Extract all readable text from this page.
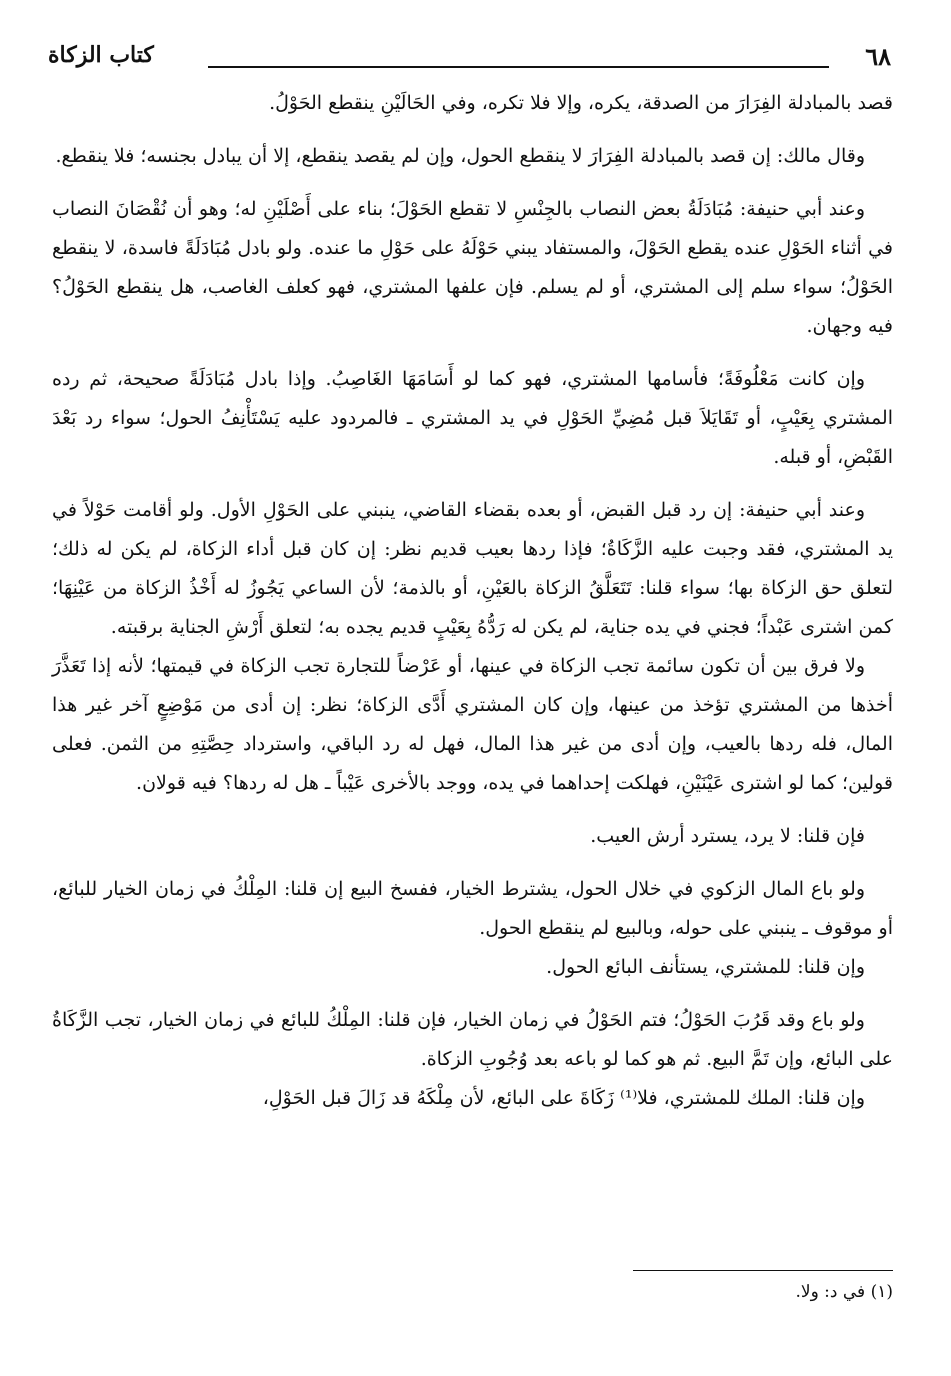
٦٨
كتاب الزكاة

قصد بالمبادلة الفِرَارَ من الصدقة، يكره، وإلا فلا تكره، وفي الحَالَيْنِ ينقطع الحَوْلُ.

وقال مالك: إن قصد بالمبادلة الفِرَارَ لا ينقطع الحول، وإن لم يقصد ينقطع، إلا أن يبادل بجنسه؛ فلا ينقطع.

وعند أبي حنيفة: مُبَادَلَةُ بعض النصاب بالجِنْسِ لا تقطع الحَوْلَ؛ بناء على أَصْلَيْنِ له؛ وهو أن نُقْصَانَ النصاب في أثناء الحَوْلِ عنده يقطع الحَوْلَ، والمستفاد يبني حَوْلَهُ على حَوْلِ ما عنده. ولو بادل مُبَادَلَةً فاسدة، لا ينقطع الحَوْلُ؛ سواء سلم إلى المشتري، أو لم يسلم. فإن علفها المشتري، فهو كعلف الغاصب، هل ينقطع الحَوْلُ؟ فيه وجهان.

وإن كانت مَعْلُوفَةً؛ فأسامها المشتري، فهو كما لو أَسَامَهَا الغَاصِبُ. وإذا بادل مُبَادَلَةً صحيحة، ثم رده المشتري بِعَيْبٍ، أو تَقَايَلاَ قبل مُضِيِّ الحَوْلِ في يد المشتري ـ فالمردود عليه يَسْتَأْنِفُ الحول؛ سواء رد بَعْدَ القَبْضِ، أو قبله.

وعند أبي حنيفة: إن رد قبل القبض، أو بعده بقضاء القاضي، ينبني على الحَوْلِ الأول. ولو أقامت حَوْلاً في يد المشتري، فقد وجبت عليه الزَّكَاةُ؛ فإذا ردها بعيب قديم نظر: إن كان قبل أداء الزكاة، لم يكن له ذلك؛ لتعلق حق الزكاة بها؛ سواء قلنا: تَتَعَلَّقُ الزكاة بالعَيْنِ، أو بالذمة؛ لأن الساعي يَجُوزُ له أَخْذُ الزكاة من عَيْنِهَا؛ كمن اشترى عَبْداً؛ فجني في يده جناية، لم يكن له رَدُّهُ بِعَيْبٍ قديم يجده به؛ لتعلق أَرْشِ الجناية برقبته.

ولا فرق بين أن تكون سائمة تجب الزكاة في عينها، أو عَرْضاً للتجارة تجب الزكاة في قيمتها؛ لأنه إذا تَعَذَّرَ أخذها من المشتري تؤخذ من عينها، وإن كان المشتري أَدَّى الزكاة؛ نظر: إن أدى من مَوْضِعٍ آخر غير هذا المال، فله ردها بالعيب، وإن أدى من غير هذا المال، فهل له رد الباقي، واسترداد حِصَّتِهِ من الثمن. فعلى قولين؛ كما لو اشترى عَيْنَيْنِ، فهلكت إحداهما في يده، ووجد بالأخرى عَيْباً ـ هل له ردها؟ فيه قولان.

فإن قلنا: لا يرد، يسترد أرش العيب.

ولو باع المال الزكوي في خلال الحول، يشترط الخيار، ففسخ البيع إن قلنا: المِلْكُ في زمان الخيار للبائع، أو موقوف ـ ينبني على حوله، وبالبيع لم ينقطع الحول.

وإن قلنا: للمشتري، يستأنف البائع الحول.

ولو باع وقد قَرُبَ الحَوْلُ؛ فتم الحَوْلُ في زمان الخيار، فإن قلنا: المِلْكُ للبائع في زمان الخيار، تجب الزَّكَاةُ على البائع، وإن تَمَّ البيع. ثم هو كما لو باعه بعد وُجُوبِ الزكاة.

وإن قلنا: الملك للمشتري، فلا⁽¹⁾ زَكَاةَ على البائع، لأن مِلْكَهُ قد زَالَ قبل الحَوْلِ،

(١) في د: ولا.
